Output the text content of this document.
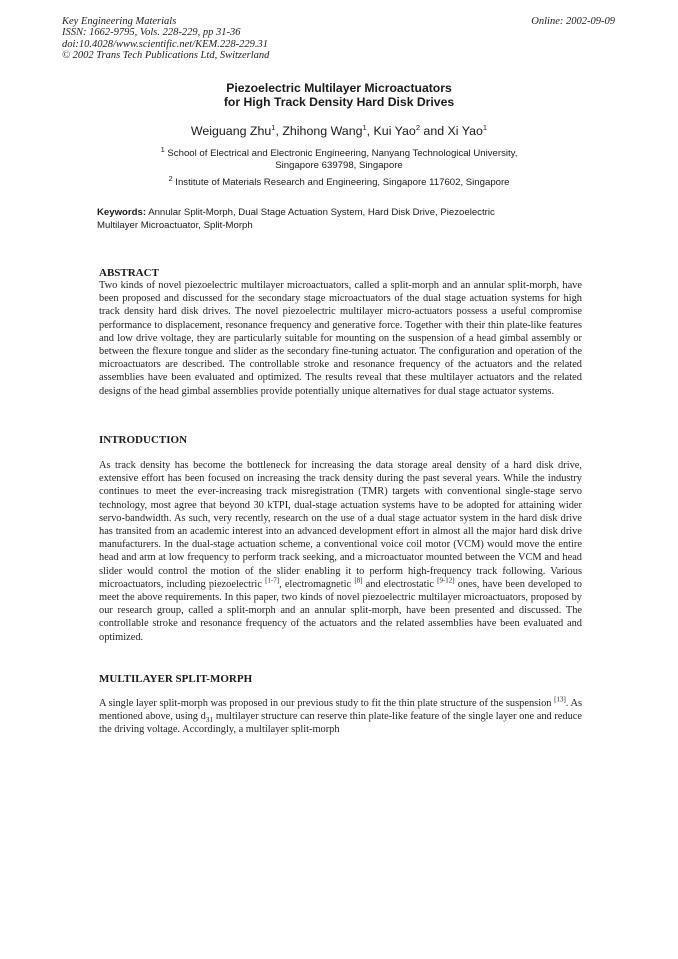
Key Engineering Materials
ISSN: 1662-9795, Vols. 228-229, pp 31-36
doi:10.4028/www.scientific.net/KEM.228-229.31
© 2002 Trans Tech Publications Ltd, Switzerland
Online: 2002-09-09
Piezoelectric Multilayer Microactuators
for High Track Density Hard Disk Drives
Weiguang Zhu$^1$, Zhihong Wang$^1$, Kui Yao$^2$ and Xi Yao$^1$
$^1$ School of Electrical and Electronic Engineering, Nanyang Technological University,
Singapore 639798, Singapore
$^2$ Institute of Materials Research and Engineering, Singapore 117602, Singapore
Keywords: Annular Split-Morph, Dual Stage Actuation System, Hard Disk Drive, Piezoelectric Multilayer Microactuator, Split-Morph
ABSTRACT
Two kinds of novel piezoelectric multilayer microactuators, called a split-morph and an annular split-morph, have been proposed and discussed for the secondary stage microactuators of the dual stage actuation systems for high track density hard disk drives. The novel piezoelectric multilayer micro-actuators possess a useful compromise performance to displacement, resonance frequency and generative force. Together with their thin plate-like features and low drive voltage, they are particularly suitable for mounting on the suspension of a head gimbal assembly or between the flexure tongue and slider as the secondary fine-tuning actuator. The configuration and operation of the microactuators are described. The controllable stroke and resonance frequency of the actuators and the related assemblies have been evaluated and optimized. The results reveal that these multilayer actuators and the related designs of the head gimbal assemblies provide potentially unique alternatives for dual stage actuator systems.
INTRODUCTION
As track density has become the bottleneck for increasing the data storage areal density of a hard disk drive, extensive effort has been focused on increasing the track density during the past several years. While the industry continues to meet the ever-increasing track misregistration (TMR) targets with conventional single-stage servo technology, most agree that beyond 30 kTPI, dual-stage actuation systems have to be adopted for attaining wider servo-bandwidth. As such, very recently, research on the use of a dual stage actuator system in the hard disk drive has transited from an academic interest into an advanced development effort in almost all the major hard disk drive manufacturers. In the dual-stage actuation scheme, a conventional voice coil motor (VCM) would move the entire head and arm at low frequency to perform track seeking, and a microactuator mounted between the VCM and head slider would control the motion of the slider enabling it to perform high-frequency track following. Various microactuators, including piezoelectric [1-7], electromagnetic [8] and electrostatic [9-12] ones, have been developed to meet the above requirements. In this paper, two kinds of novel piezoelectric multilayer microactuators, proposed by our research group, called a split-morph and an annular split-morph, have been presented and discussed. The controllable stroke and resonance frequency of the actuators and the related assemblies have been evaluated and optimized.
MULTILAYER SPLIT-MORPH
A single layer split-morph was proposed in our previous study to fit the thin plate structure of the suspension [13]. As mentioned above, using $d_{31}$ multilayer structure can reserve thin plate-like feature of the single layer one and reduce the driving voltage. Accordingly, a multilayer split-morph
